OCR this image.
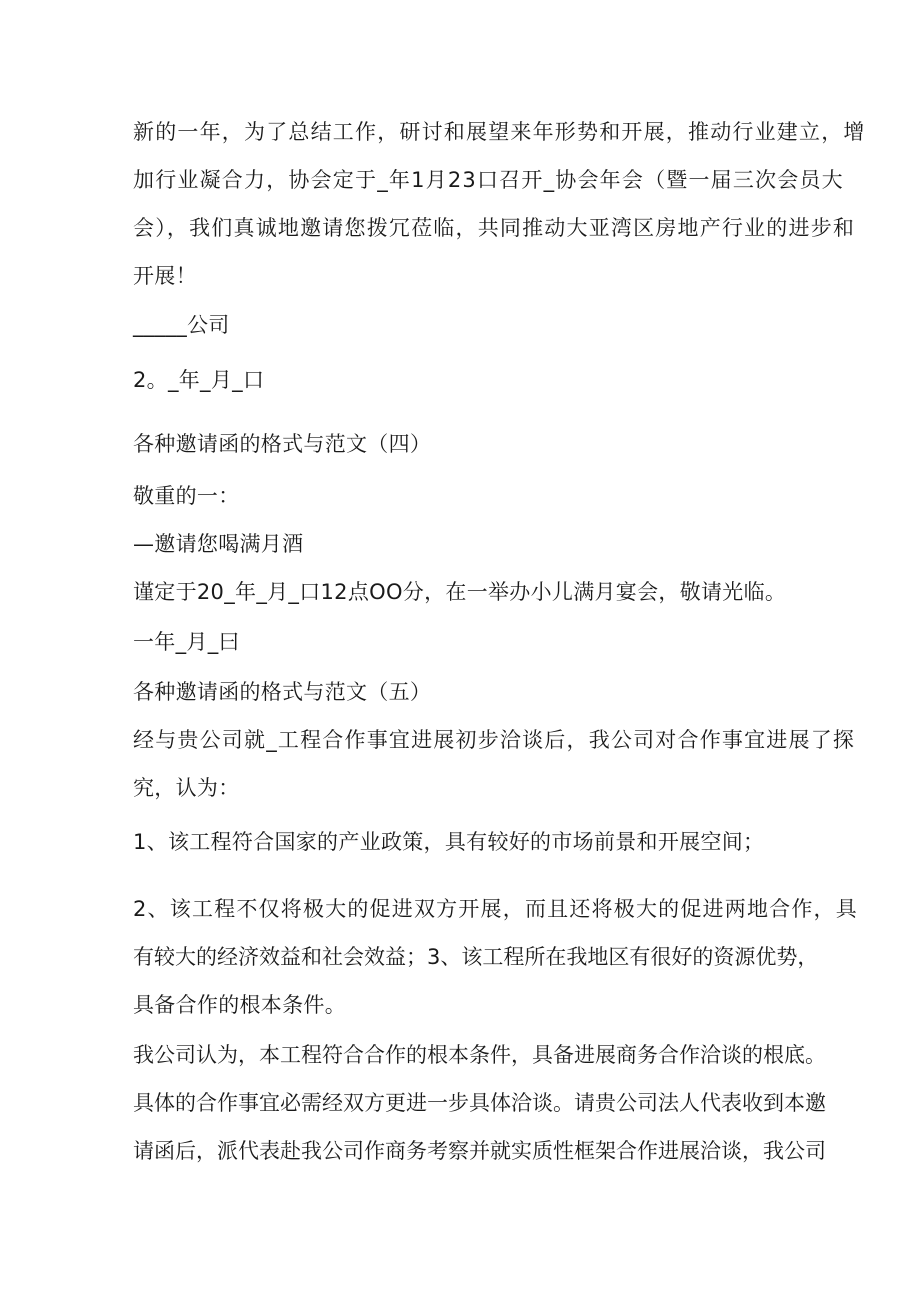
新的一年，为了总结工作，研讨和展望来年形势和开展，推动行业建立，增
加行业凝合力，协会定于_年1月23口召开_协会年会（暨一届三次会员大
会），我们真诚地邀请您拨冗莅临，共同推动大亚湾区房地产行业的进步和
开展！
_____公司
2。_年_月_口
各种邀请函的格式与范文（四）
敬重的一：
—邀请您喝满月酒
谨定于20_年_月_口12点OO分，在一举办小儿满月宴会，敬请光临。
一年_月_曰
各种邀请函的格式与范文（五）
经与贵公司就_工程合作事宜进展初步洽谈后，我公司对合作事宜进展了探
究，认为：
1、该工程符合国家的产业政策，具有较好的市场前景和开展空间；
2、该工程不仅将极大的促进双方开展，而且还将极大的促进两地合作，具
有较大的经济效益和社会效益；3、该工程所在我地区有很好的资源优势，
具备合作的根本条件。
我公司认为，本工程符合合作的根本条件，具备进展商务合作洽谈的根底。
具体的合作事宜必需经双方更进一步具体洽谈。请贵公司法人代表收到本邀
请函后，派代表赴我公司作商务考察并就实质性框架合作进展洽谈，我公司
